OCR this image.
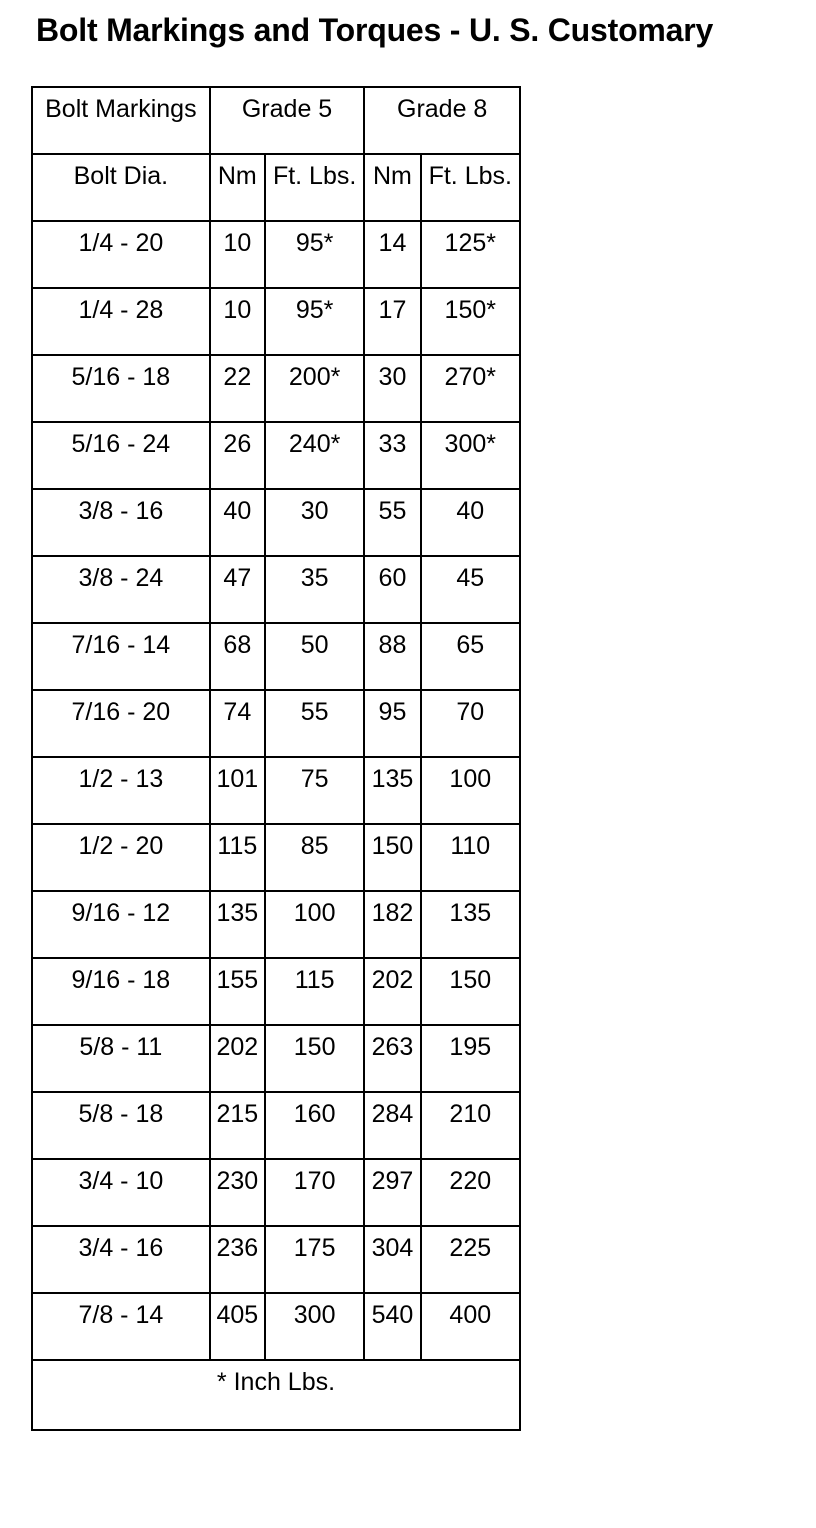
Bolt Markings and Torques - U. S. Customary
Bolt Markings	Grade 5		Grade 8	
Bolt Dia.	Nm	Ft. Lbs.	Nm	Ft. Lbs.
1/4 - 20	10	95*	14	125*
1/4 - 28	10	95*	17	150*
5/16 - 18	22	200*	30	270*
5/16 - 24	26	240*	33	300*
3/8 - 16	40	30	55	40
3/8 - 24	47	35	60	45
7/16 - 14	68	50	88	65
7/16 - 20	74	55	95	70
1/2 - 13	101	75	135	100
1/2 - 20	115	85	150	110
9/16 - 12	135	100	182	135
9/16 - 18	155	115	202	150
5/8 - 11	202	150	263	195
5/8 - 18	215	160	284	210
3/4 - 10	230	170	297	220
3/4 - 16	236	175	304	225
7/8 - 14	405	300	540	400
* Inch Lbs.				
